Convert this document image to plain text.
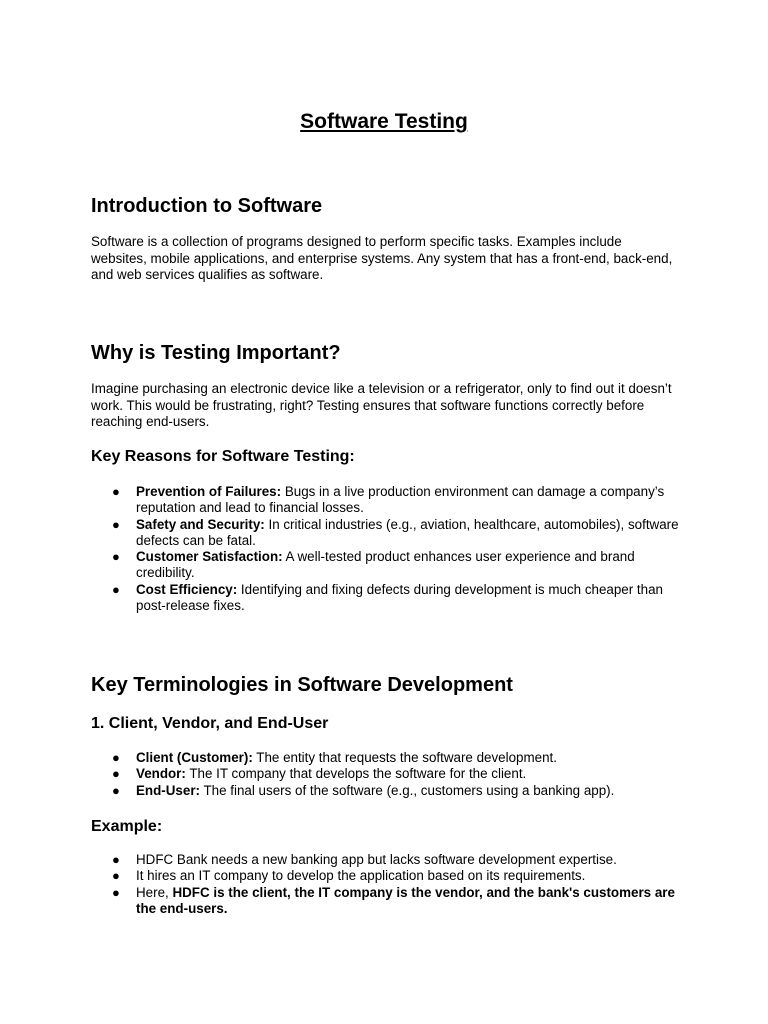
Software Testing
Introduction to Software

Software is a collection of programs designed to perform specific tasks. Examples include websites, mobile applications, and enterprise systems. Any system that has a front-end, back-end, and web services qualifies as software.

Why is Testing Important?

Imagine purchasing an electronic device like a television or a refrigerator, only to find out it doesn’t work. This would be frustrating, right? Testing ensures that software functions correctly before reaching end-users.

Key Reasons for Software Testing:
● Prevention of Failures: Bugs in a live production environment can damage a company’s reputation and lead to financial losses.
● Safety and Security: In critical industries (e.g., aviation, healthcare, automobiles), software defects can be fatal.
● Customer Satisfaction: A well-tested product enhances user experience and brand credibility.
● Cost Efficiency: Identifying and fixing defects during development is much cheaper than post-release fixes.
Key Terminologies in Software Development
1. Client, Vendor, and End-User
● Client (Customer): The entity that requests the software development.
● Vendor: The IT company that develops the software for the client.
● End-User: The final users of the software (e.g., customers using a banking app).
Example:
● HDFC Bank needs a new banking app but lacks software development expertise.
● It hires an IT company to develop the application based on its requirements.
● Here, HDFC is the client, the IT company is the vendor, and the bank's customers are the end-users.
